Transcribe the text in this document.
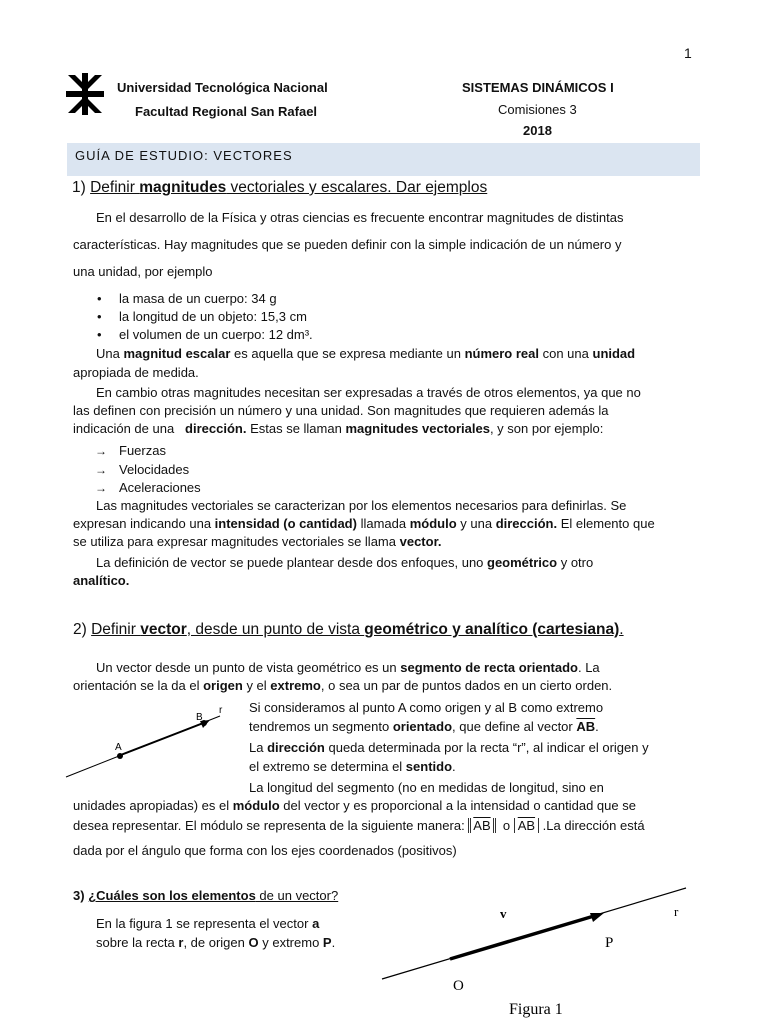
1
Universidad Tecnológica Nacional
Facultad Regional San Rafael
SISTEMAS DINÁMICOS I
Comisiones 3
2018
GUÍA DE ESTUDIO: VECTORES
1) Definir magnitudes vectoriales y escalares. Dar ejemplos
En el desarrollo de la Física y otras ciencias es frecuente encontrar magnitudes de distintas
características. Hay magnitudes que se pueden definir con la simple indicación de un número y
una unidad, por ejemplo
• la masa de un cuerpo: 34 g
• la longitud de un objeto: 15,3 cm
• el volumen de un cuerpo: 12 dm³.
Una magnitud escalar es aquella que se expresa mediante un número real con una unidad
apropiada de medida.
En cambio otras magnitudes necesitan ser expresadas a través de otros elementos, ya que no
las definen con precisión un número y una unidad. Son magnitudes que requieren además la
indicación de una   dirección. Estas se llaman magnitudes vectoriales, y son por ejemplo:
→ Fuerzas
→ Velocidades
→ Aceleraciones
Las magnitudes vectoriales se caracterizan por los elementos necesarios para definirlas. Se
expresan indicando una intensidad (o cantidad) llamada módulo y una dirección. El elemento que
se utiliza para expresar magnitudes vectoriales se llama vector.
La definición de vector se puede plantear desde dos enfoques, uno geométrico y otro
analítico.
2) Definir vector, desde un punto de vista geométrico y analítico (cartesiana).
Un vector desde un punto de vista geométrico es un segmento de recta orientado. La
orientación se la da el origen y el extremo, o sea un par de puntos dados en un cierto orden.
r
B
A
Si consideramos al punto A como origen y al B como extremo
tendremos un segmento orientado, que define al vector $\overline{AB}$.
La dirección queda determinada por la recta “r”, al indicar el origen y
el extremo se determina el sentido.
La longitud del segmento (no en medidas de longitud, sino en
unidades apropiadas) es el módulo del vector y es proporcional a la intensidad o cantidad que se
desea representar. El módulo se representa de la siguiente manera: $\overline{AB}$  o $\overline{AB}$ .La dirección está
dada por el ángulo que forma con los ejes coordenados (positivos)
3) ¿Cuáles son los elementos de un vector?
En la figura 1 se representa el vector a
sobre la recta r, de origen O y extremo P.
v	r
P
O
Figura 1
